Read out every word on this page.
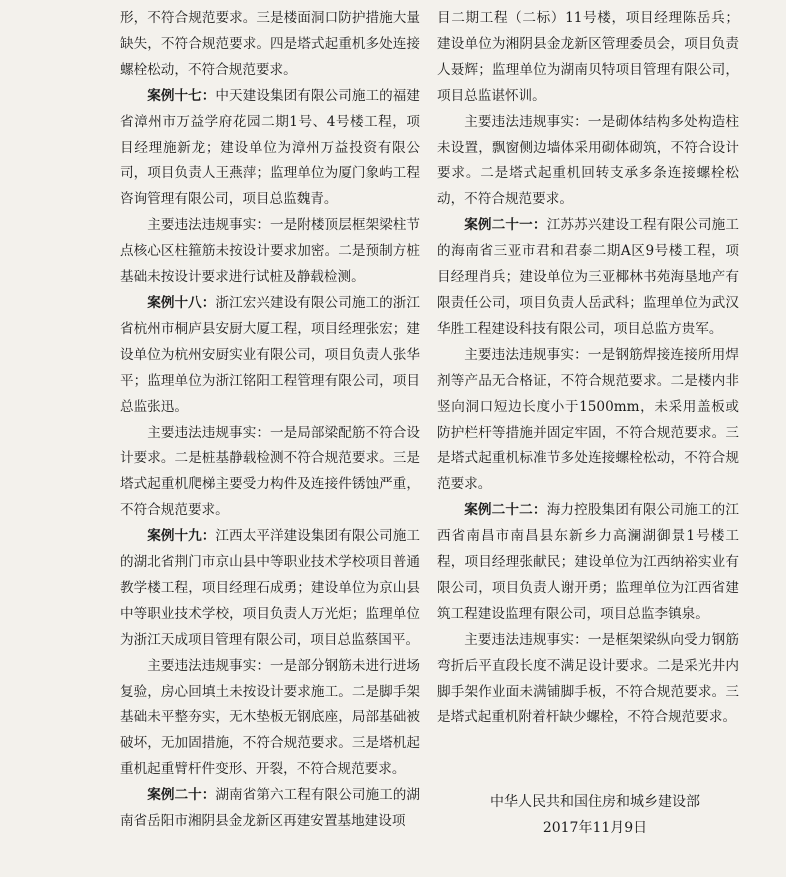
形，不符合规范要求。三是楼面洞口防护措施大量缺失，不符合规范要求。四是塔式起重机多处连接螺栓松动，不符合规范要求。

案例十七：中天建设集团有限公司施工的福建省漳州市万益学府花园二期1号、4号楼工程，项目经理施新龙；建设单位为漳州万益投资有限公司，项目负责人王燕萍；监理单位为厦门象屿工程咨询管理有限公司，项目总监魏青。

主要违法违规事实：一是附楼顶层框架梁柱节点核心区柱箍筋未按设计要求加密。二是预制方桩基础未按设计要求进行试桩及静载检测。

案例十八：浙江宏兴建设有限公司施工的浙江省杭州市桐庐县安厨大厦工程，项目经理张宏；建设单位为杭州安厨实业有限公司，项目负责人张华平；监理单位为浙江铭阳工程管理有限公司，项目总监张迅。

主要违法违规事实：一是局部梁配筋不符合设计要求。二是桩基静载检测不符合规范要求。三是塔式起重机爬梯主要受力构件及连接件锈蚀严重，不符合规范要求。

案例十九：江西太平洋建设集团有限公司施工的湖北省荆门市京山县中等职业技术学校项目普通教学楼工程，项目经理石成勇；建设单位为京山县中等职业技术学校，项目负责人万光炬；监理单位为浙江天成项目管理有限公司，项目总监蔡国平。

主要违法违规事实：一是部分钢筋未进行进场复验，房心回填土未按设计要求施工。二是脚手架基础未平整夯实，无木垫板无钢底座，局部基础被破坏，无加固措施，不符合规范要求。三是塔机起重机起重臂杆件变形、开裂，不符合规范要求。

案例二十：湖南省第六工程有限公司施工的湖南省岳阳市湘阴县金龙新区再建安置基地建设项

目二期工程（二标）11号楼，项目经理陈岳兵；建设单位为湘阴县金龙新区管理委员会，项目负责人聂辉；监理单位为湖南贝特项目管理有限公司，项目总监谌怀训。

主要违法违规事实：一是砌体结构多处构造柱未设置，飘窗侧边墙体采用砌体砌筑，不符合设计要求。二是塔式起重机回转支承多条连接螺栓松动，不符合规范要求。

案例二十一：江苏苏兴建设工程有限公司施工的海南省三亚市君和君泰二期A区9号楼工程，项目经理肖兵；建设单位为三亚椰林书苑海垦地产有限责任公司，项目负责人岳武科；监理单位为武汉华胜工程建设科技有限公司，项目总监方贵军。

主要违法违规事实：一是钢筋焊接连接所用焊剂等产品无合格证，不符合规范要求。二是楼内非竖向洞口短边长度小于1500mm，未采用盖板或防护栏杆等措施并固定牢固，不符合规范要求。三是塔式起重机标准节多处连接螺栓松动，不符合规范要求。

案例二十二：海力控股集团有限公司施工的江西省南昌市南昌县东新乡力高澜湖御景1号楼工程，项目经理张献民；建设单位为江西纳裕实业有限公司，项目负责人谢开勇；监理单位为江西省建筑工程建设监理有限公司，项目总监李镇泉。

主要违法违规事实：一是框架梁纵向受力钢筋弯折后平直段长度不满足设计要求。二是采光井内脚手架作业面未满铺脚手板，不符合规范要求。三是塔式起重机附着杆缺少螺栓，不符合规范要求。

中华人民共和国住房和城乡建设部
2017年11月9日
